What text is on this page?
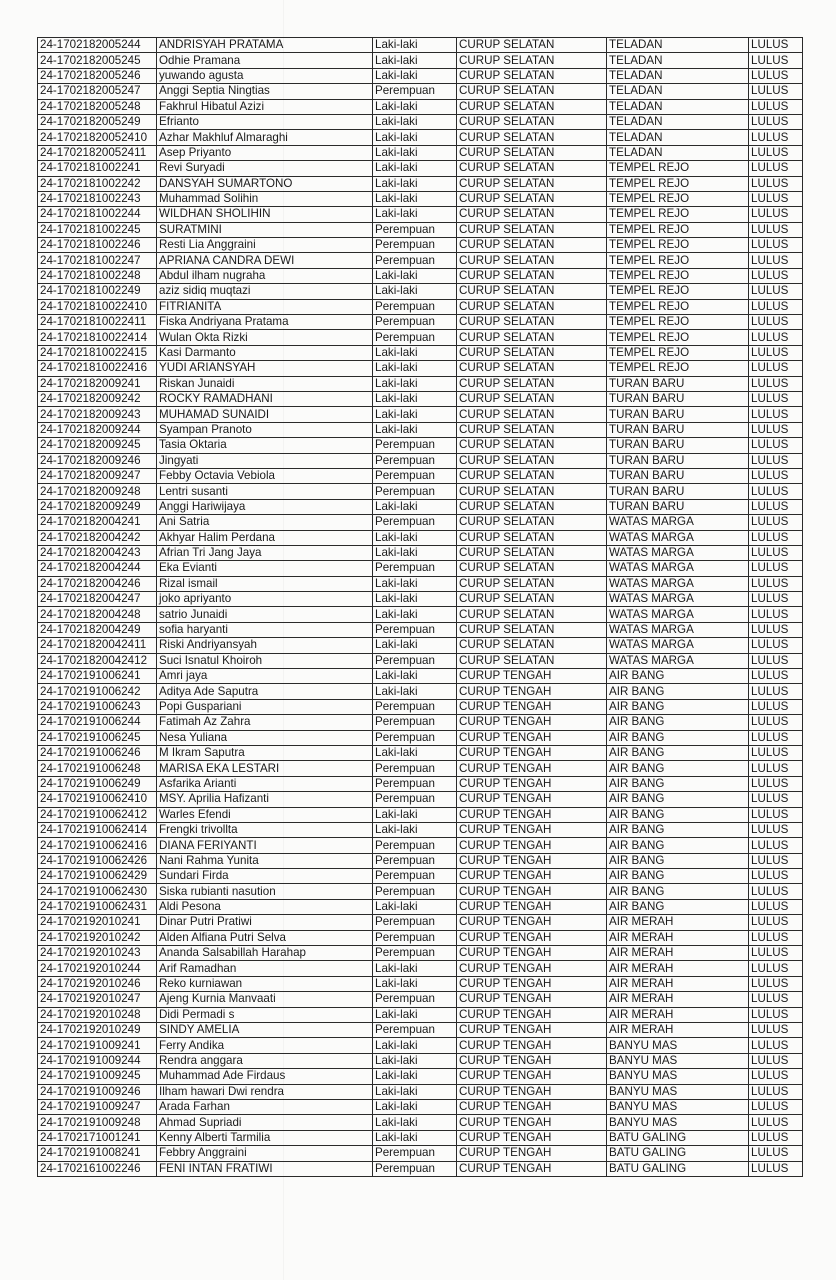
24-1702182005244	ANDRISYAH PRATAMA	Laki-laki	CURUP SELATAN	TELADAN	LULUS
24-1702182005245	Odhie Pramana	Laki-laki	CURUP SELATAN	TELADAN	LULUS
24-1702182005246	yuwando agusta	Laki-laki	CURUP SELATAN	TELADAN	LULUS
24-1702182005247	Anggi Septia Ningtias	Perempuan	CURUP SELATAN	TELADAN	LULUS
24-1702182005248	Fakhrul Hibatul Azizi	Laki-laki	CURUP SELATAN	TELADAN	LULUS
24-1702182005249	Efrianto	Laki-laki	CURUP SELATAN	TELADAN	LULUS
24-17021820052410	Azhar Makhluf Almaraghi	Laki-laki	CURUP SELATAN	TELADAN	LULUS
24-17021820052411	Asep Priyanto	Laki-laki	CURUP SELATAN	TELADAN	LULUS
24-1702181002241	Revi Suryadi	Laki-laki	CURUP SELATAN	TEMPEL REJO	LULUS
24-1702181002242	DANSYAH SUMARTONO	Laki-laki	CURUP SELATAN	TEMPEL REJO	LULUS
24-1702181002243	Muhammad Solihin	Laki-laki	CURUP SELATAN	TEMPEL REJO	LULUS
24-1702181002244	WILDHAN SHOLIHIN	Laki-laki	CURUP SELATAN	TEMPEL REJO	LULUS
24-1702181002245	SURATMINI	Perempuan	CURUP SELATAN	TEMPEL REJO	LULUS
24-1702181002246	Resti Lia Anggraini	Perempuan	CURUP SELATAN	TEMPEL REJO	LULUS
24-1702181002247	APRIANA CANDRA DEWI	Perempuan	CURUP SELATAN	TEMPEL REJO	LULUS
24-1702181002248	Abdul ilham nugraha	Laki-laki	CURUP SELATAN	TEMPEL REJO	LULUS
24-1702181002249	aziz sidiq muqtazi	Laki-laki	CURUP SELATAN	TEMPEL REJO	LULUS
24-17021810022410	FITRIANITA	Perempuan	CURUP SELATAN	TEMPEL REJO	LULUS
24-17021810022411	Fiska Andriyana Pratama	Perempuan	CURUP SELATAN	TEMPEL REJO	LULUS
24-17021810022414	Wulan Okta Rizki	Perempuan	CURUP SELATAN	TEMPEL REJO	LULUS
24-17021810022415	Kasi Darmanto	Laki-laki	CURUP SELATAN	TEMPEL REJO	LULUS
24-17021810022416	YUDI ARIANSYAH	Laki-laki	CURUP SELATAN	TEMPEL REJO	LULUS
24-1702182009241	Riskan Junaidi	Laki-laki	CURUP SELATAN	TURAN BARU	LULUS
24-1702182009242	ROCKY RAMADHANI	Laki-laki	CURUP SELATAN	TURAN BARU	LULUS
24-1702182009243	MUHAMAD SUNAIDI	Laki-laki	CURUP SELATAN	TURAN BARU	LULUS
24-1702182009244	Syampan Pranoto	Laki-laki	CURUP SELATAN	TURAN BARU	LULUS
24-1702182009245	Tasia Oktaria	Perempuan	CURUP SELATAN	TURAN BARU	LULUS
24-1702182009246	Jingyati	Perempuan	CURUP SELATAN	TURAN BARU	LULUS
24-1702182009247	Febby Octavia Vebiola	Perempuan	CURUP SELATAN	TURAN BARU	LULUS
24-1702182009248	Lentri susanti	Perempuan	CURUP SELATAN	TURAN BARU	LULUS
24-1702182009249	Anggi Hariwijaya	Laki-laki	CURUP SELATAN	TURAN BARU	LULUS
24-1702182004241	Ani Satria	Perempuan	CURUP SELATAN	WATAS MARGA	LULUS
24-1702182004242	Akhyar Halim Perdana	Laki-laki	CURUP SELATAN	WATAS MARGA	LULUS
24-1702182004243	Afrian Tri Jang Jaya	Laki-laki	CURUP SELATAN	WATAS MARGA	LULUS
24-1702182004244	Eka Evianti	Perempuan	CURUP SELATAN	WATAS MARGA	LULUS
24-1702182004246	Rizal ismail	Laki-laki	CURUP SELATAN	WATAS MARGA	LULUS
24-1702182004247	joko apriyanto	Laki-laki	CURUP SELATAN	WATAS MARGA	LULUS
24-1702182004248	satrio Junaidi	Laki-laki	CURUP SELATAN	WATAS MARGA	LULUS
24-1702182004249	sofia haryanti	Perempuan	CURUP SELATAN	WATAS MARGA	LULUS
24-17021820042411	Riski Andriyansyah	Laki-laki	CURUP SELATAN	WATAS MARGA	LULUS
24-17021820042412	Suci Isnatul Khoiroh	Perempuan	CURUP SELATAN	WATAS MARGA	LULUS
24-1702191006241	Amri jaya	Laki-laki	CURUP TENGAH	AIR BANG	LULUS
24-1702191006242	Aditya Ade Saputra	Laki-laki	CURUP TENGAH	AIR BANG	LULUS
24-1702191006243	Popi Guspariani	Perempuan	CURUP TENGAH	AIR BANG	LULUS
24-1702191006244	Fatimah Az Zahra	Perempuan	CURUP TENGAH	AIR BANG	LULUS
24-1702191006245	Nesa Yuliana	Perempuan	CURUP TENGAH	AIR BANG	LULUS
24-1702191006246	M Ikram Saputra	Laki-laki	CURUP TENGAH	AIR BANG	LULUS
24-1702191006248	MARISA EKA LESTARI	Perempuan	CURUP TENGAH	AIR BANG	LULUS
24-1702191006249	Asfarika Arianti	Perempuan	CURUP TENGAH	AIR BANG	LULUS
24-17021910062410	MSY. Aprilia Hafizanti	Perempuan	CURUP TENGAH	AIR BANG	LULUS
24-17021910062412	Warles Efendi	Laki-laki	CURUP TENGAH	AIR BANG	LULUS
24-17021910062414	Frengki trivollta	Laki-laki	CURUP TENGAH	AIR BANG	LULUS
24-17021910062416	DIANA FERIYANTI	Perempuan	CURUP TENGAH	AIR BANG	LULUS
24-17021910062426	Nani Rahma Yunita	Perempuan	CURUP TENGAH	AIR BANG	LULUS
24-17021910062429	Sundari Firda	Perempuan	CURUP TENGAH	AIR BANG	LULUS
24-17021910062430	Siska rubianti nasution	Perempuan	CURUP TENGAH	AIR BANG	LULUS
24-17021910062431	Aldi Pesona	Laki-laki	CURUP TENGAH	AIR BANG	LULUS
24-1702192010241	Dinar Putri Pratiwi	Perempuan	CURUP TENGAH	AIR MERAH	LULUS
24-1702192010242	Alden Alfiana Putri Selva	Perempuan	CURUP TENGAH	AIR MERAH	LULUS
24-1702192010243	Ananda Salsabillah Harahap	Perempuan	CURUP TENGAH	AIR MERAH	LULUS
24-1702192010244	Arif Ramadhan	Laki-laki	CURUP TENGAH	AIR MERAH	LULUS
24-1702192010246	Reko kurniawan	Laki-laki	CURUP TENGAH	AIR MERAH	LULUS
24-1702192010247	Ajeng Kurnia Manvaati	Perempuan	CURUP TENGAH	AIR MERAH	LULUS
24-1702192010248	Didi Permadi s	Laki-laki	CURUP TENGAH	AIR MERAH	LULUS
24-1702192010249	SINDY AMELIA	Perempuan	CURUP TENGAH	AIR MERAH	LULUS
24-1702191009241	Ferry Andika	Laki-laki	CURUP TENGAH	BANYU MAS	LULUS
24-1702191009244	Rendra anggara	Laki-laki	CURUP TENGAH	BANYU MAS	LULUS
24-1702191009245	Muhammad Ade Firdaus	Laki-laki	CURUP TENGAH	BANYU MAS	LULUS
24-1702191009246	Ilham hawari Dwi rendra	Laki-laki	CURUP TENGAH	BANYU MAS	LULUS
24-1702191009247	Arada Farhan	Laki-laki	CURUP TENGAH	BANYU MAS	LULUS
24-1702191009248	Ahmad Supriadi	Laki-laki	CURUP TENGAH	BANYU MAS	LULUS
24-1702171001241	Kenny Alberti Tarmilia	Laki-laki	CURUP TENGAH	BATU GALING	LULUS
24-1702191008241	Febbry Anggraini	Perempuan	CURUP TENGAH	BATU GALING	LULUS
24-1702161002246	FENI INTAN FRATIWI	Perempuan	CURUP TENGAH	BATU GALING	LULUS
